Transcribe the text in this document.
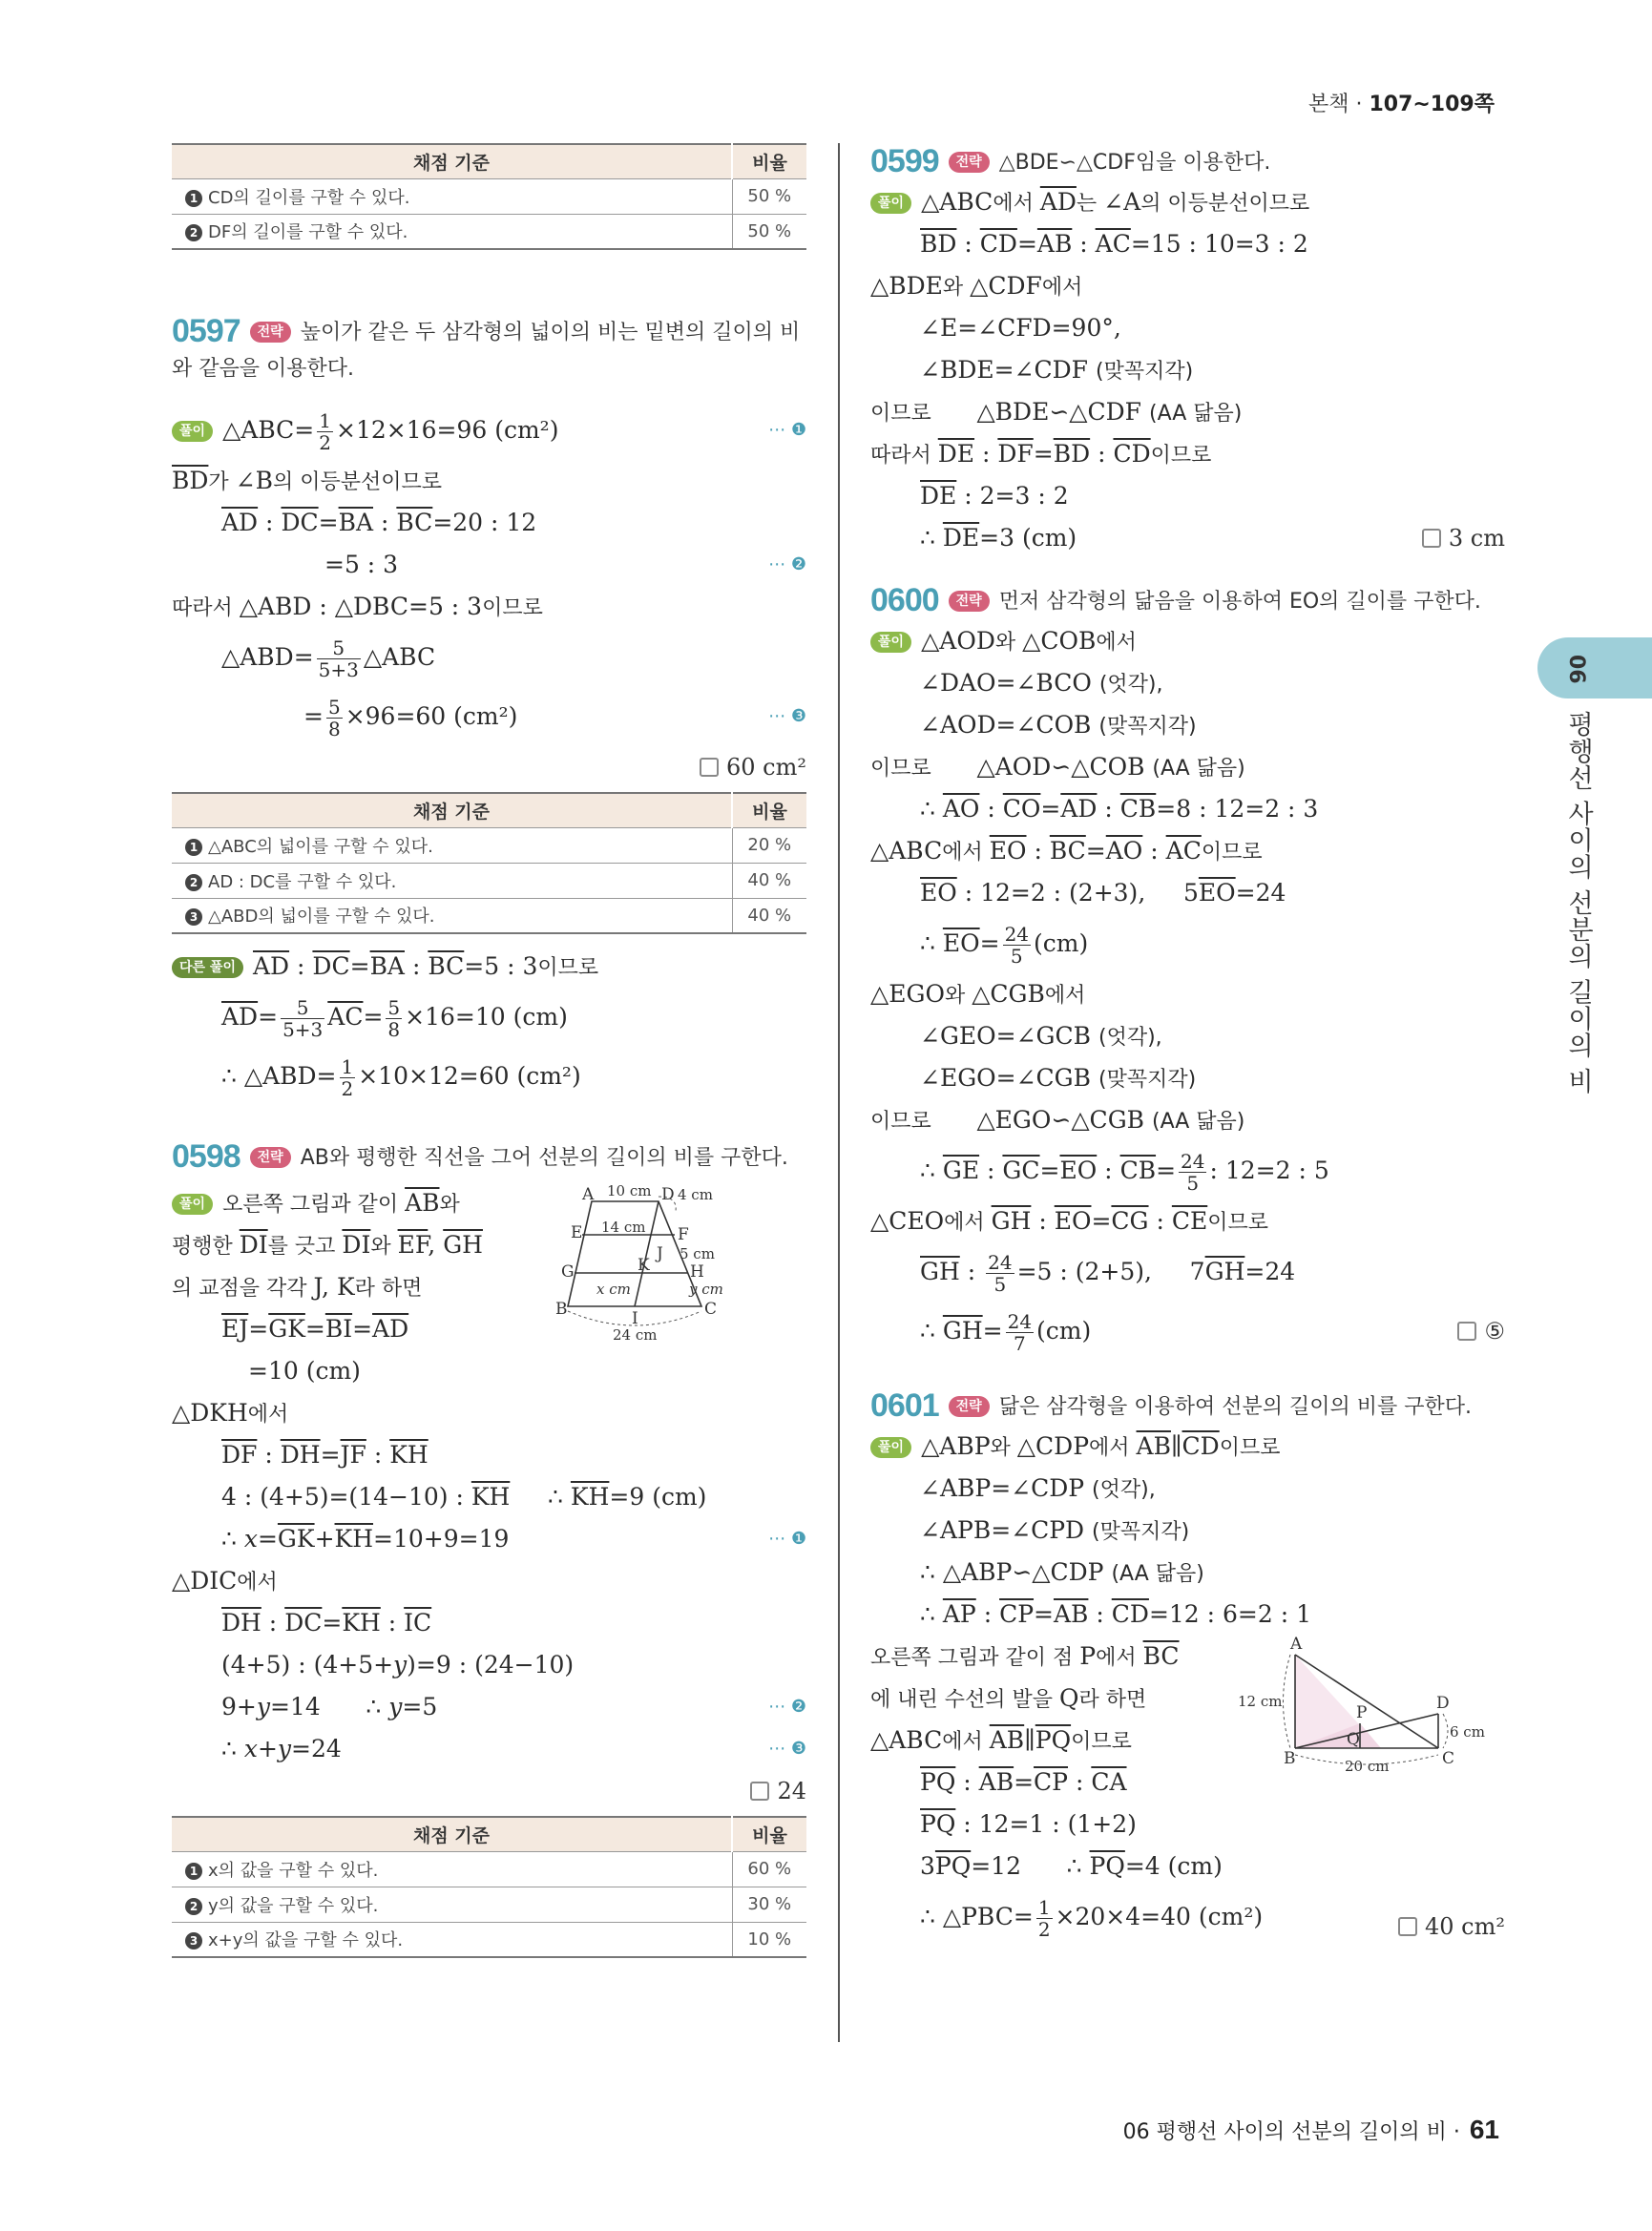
본책 · 107~109쪽
채점 기준	비율
1 CD의 길이를 구할 수 있다.	50 %
2 DF의 길이를 구할 수 있다.	50 %
0597 전략 높이가 같은 두 삼각형의 넓이의 비는 밑변의 길이의 비와 같음을 이용한다.
풀이 △ABC= $\frac{1}{2} \times 12\times 16=96$ (cm²)	⋯ ❶
$\overline{BD}$가 ∠B의 이등분선이므로
$\overline{AD}$ : $\overline{DC}=\overline{BA}$ : $\overline{BC}=20$ : 12
=5 : 3	⋯ ❷
따라서 △ABD : △DBC=5 : 3이므로
△ABD= $\frac{5}{5+3}$ △ABC
= $\frac{5}{8} \times 96=60$ (cm²)	⋯ ❸
60 cm²
채점 기준	비율
1 △ABC의 넓이를 구할 수 있다.	20 %
2 AD : DC를 구할 수 있다.	40 %
3 △ABD의 넓이를 구할 수 있다.	40 %
다른 풀이 $\overline{AD}$ : $\overline{DC}=\overline{BA}$ : $\overline{BC}=5$ : 3이므로
$\overline{AD}= \frac{5}{5+3} \overline{AC}= \frac{5}{8} \times 16=10$ (cm)
∴ △ABD= $\frac{1}{2} \times 10\times 12=60$ (cm²)
0598 전략 AB와 평행한 직선을 그어 선분의 길이의 비를 구한다.
풀이 오른쪽 그림과 같이 $\overline{AB}$와
평행한 $\overline{DI}$를 긋고 $\overline{DI}$와 $\overline{EF}$, $\overline{GH}$
의 교점을 각각 J, K라 하면
$\overline{EJ}=\overline{GK}=\overline{BI}=\overline{AD}$
=10 (cm)
△DKH에서
$\overline{DF}$ : $\overline{DH}=\overline{JF}$ : $\overline{KH}$
4 : (4+5)=(14−10) : $\overline{KH}$     ∴ $\overline{KH}=9$ (cm)
∴ $x=\overline{GK}+\overline{KH}=10+9=19$	⋯ ❶
△DIC에서
$\overline{DH}$ : $\overline{DC}=\overline{KH}$ : $\overline{IC}$
(4+5) : (4+5+y)=9 : (24−10)
9+y=14      ∴ y=5	⋯ ❷
∴ x+y=24	⋯ ❸
24
A	D
E	F
G	H
B	C
I
J
K
10 cm 4 cm
14 cm
5 cm
x cm	y cm
24 cm
채점 기준	비율
1 x의 값을 구할 수 있다.	60 %
2 y의 값을 구할 수 있다.	30 %
3 x+y의 값을 구할 수 있다.	10 %
0599 전략 △BDE∽△CDF임을 이용한다.
풀이 △ABC에서 $\overline{AD}$는 ∠A의 이등분선이므로
$\overline{BD}$ : $\overline{CD}=\overline{AB}$ : $\overline{AC}=15$ : 10=3 : 2
△BDE와 △CDF에서
∠E=∠CFD=90°,
∠BDE=∠CDF (맞꼭지각)
이므로      △BDE∽△CDF (AA 닮음)
따라서 $\overline{DE}$ : $\overline{DF}=\overline{BD}$ : $\overline{CD}$이므로
$\overline{DE}$ : 2=3 : 2
∴ $\overline{DE}=3$ (cm)	3 cm
0600 전략 먼저 삼각형의 닮음을 이용하여 EO의 길이를 구한다.
풀이 △AOD와 △COB에서
∠DAO=∠BCO (엇각),
∠AOD=∠COB (맞꼭지각)
이므로      △AOD∽△COB (AA 닮음)
∴ $\overline{AO}$ : $\overline{CO}=\overline{AD}$ : $\overline{CB}=8$ : 12=2 : 3
△ABC에서 $\overline{EO}$ : $\overline{BC}=\overline{AO}$ : $\overline{AC}$이므로
$\overline{EO}$ : 12=2 : (2+3),     $5\overline{EO}=24$
∴ $\overline{EO}= \frac{24}{5} (cm)$
△EGO와 △CGB에서
∠GEO=∠GCB (엇각),
∠EGO=∠CGB (맞꼭지각)
이므로      △EGO∽△CGB (AA 닮음)
∴ $\overline{GE}$ : $\overline{GC}=\overline{EO}$ : $\overline{CB}= \frac{24}{5}$ : 12=2 : 5
△CEO에서 $\overline{GH}$ : $\overline{EO}=\overline{CG}$ : $\overline{CE}$이므로
$\overline{GH}$ : $\frac{24}{5} =5$ : (2+5),     $7\overline{GH}=24$
∴ $\overline{GH}= \frac{24}{7} (cm)$	⑤
0601 전략 닮은 삼각형을 이용하여 선분의 길이의 비를 구한다.
풀이 △ABP와 △CDP에서 $\overline{AB}\parallel\overline{CD}$이므로
∠ABP=∠CDP (엇각),
∠APB=∠CPD (맞꼭지각)
∴ △ABP∽△CDP (AA 닮음)
∴ $\overline{AP}$ : $\overline{CP}=\overline{AB}$ : $\overline{CD}=12$ : 6=2 : 1
오른쪽 그림과 같이 점 P에서 $\overline{BC}$
에 내린 수선의 발을 Q라 하면
△ABC에서 $\overline{AB}\parallel\overline{PQ}$이므로
$\overline{PQ}$ : $\overline{AB}=\overline{CP}$ : $\overline{CA}$
$\overline{PQ}$ : 12=1 : (1+2)
$3\overline{PQ}=12$      ∴ $\overline{PQ}=4$ (cm)
∴ △PBC= $\frac{1}{2} \times 20\times 4=40$ (cm²)	40 cm²
A
B	C
D
P
Q
12 cm
6 cm
20 cm
06
평행선 사이의 선분의 길이의 비
06 평행선 사이의 선분의 길이의 비 · 61
